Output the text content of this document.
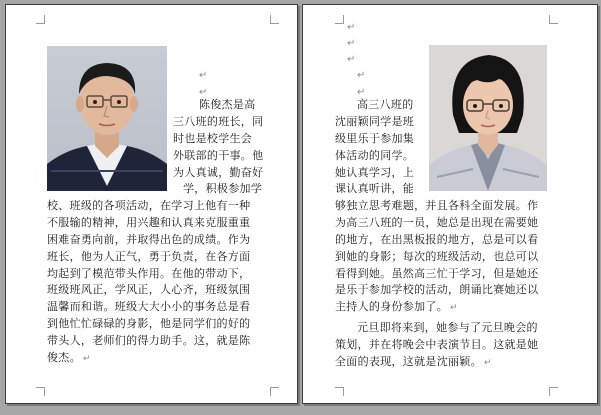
↵
↵
陈俊杰是高
三八班的班长，同
时也是校学生会
外联部的干事。他
为人真诚，勤奋好
学，积极参加学
校、班级的各项活动，在学习上他有一种
不服输的精神，用兴趣和认真来克服重重
困难奋勇向前，并取得出色的成绩。作为
班长，他为人正气，勇于负责，在各方面
均起到了模范带头作用。在他的带动下，
班级班风正，学风正，人心齐，班级氛围
温馨而和谐。班级大大小小的事务总是看
到他忙忙碌碌的身影，他是同学们的好的
带头人，老师们的得力助手。这，就是陈
俊杰。 ↵
↵
↵
↵
↵
↵
高三八班的
沈丽颖同学是班
级里乐于参加集
体活动的同学。
她认真学习，上
课认真听讲，能
够独立思考难题，并且各科全面发展。作
为高三八班的一员，她总是出现在需要她
的地方，在出黑板报的地方，总是可以看
到她的身影；每次的班级活动，也总可以
看得到她。虽然高三忙于学习，但是她还
是乐于参加学校的活动，朗诵比赛她还以
主持人的身份参加了。 ↵
元旦即将来到，她参与了元旦晚会的
策划，并在将晚会中表演节目。这就是她
全面的表现，这就是沈丽颖。 ↵
